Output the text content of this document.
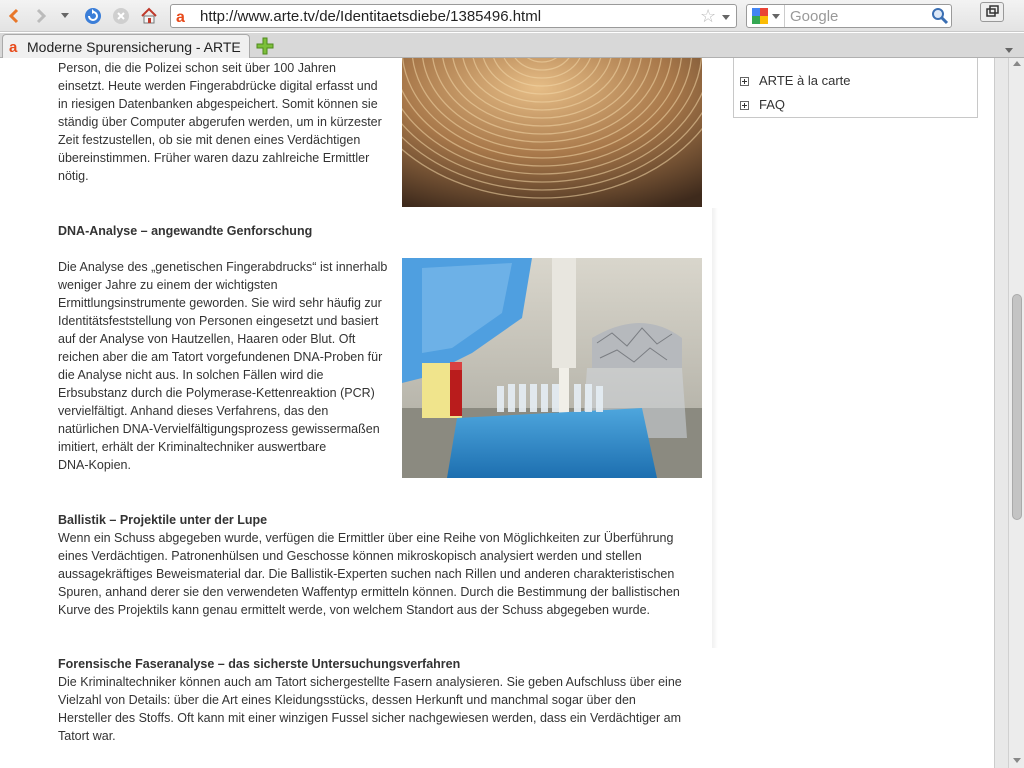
a http://www.arte.tv/de/Identitaetsdiebe/1385496.html	☆	Google
a Moderne Spurensicherung - ARTE
ARTE à la carte
FAQ
Person, die die Polizei schon seit über 100 Jahren
einsetzt. Heute werden Fingerabdrücke digital erfasst und
in riesigen Datenbanken abgespeichert. Somit können sie
ständig über Computer abgerufen werden, um in kürzester
Zeit festzustellen, ob sie mit denen eines Verdächtigen
übereinstimmen. Früher waren dazu zahlreiche Ermittler
nötig.
DNA-Analyse – angewandte Genforschung
Die Analyse des „genetischen Fingerabdrucks“ ist innerhalb
weniger Jahre zu einem der wichtigsten
Ermittlungsinstrumente geworden. Sie wird sehr häufig zur
Identitätsfeststellung von Personen eingesetzt und basiert
auf der Analyse von Hautzellen, Haaren oder Blut. Oft
reichen aber die am Tatort vorgefundenen DNA-Proben für
die Analyse nicht aus. In solchen Fällen wird die
Erbsubstanz durch die Polymerase-Kettenreaktion (PCR)
vervielfältigt. Anhand dieses Verfahrens, das den
natürlichen DNA-Vervielfältigungsprozess gewissermaßen
imitiert, erhält der Kriminaltechniker auswertbare
DNA-Kopien.
Ballistik – Projektile unter der Lupe
Wenn ein Schuss abgegeben wurde, verfügen die Ermittler über eine Reihe von Möglichkeiten zur Überführung
eines Verdächtigen. Patronenhülsen und Geschosse können mikroskopisch analysiert werden und stellen
aussagekräftiges Beweismaterial dar. Die Ballistik-Experten suchen nach Rillen und anderen charakteristischen
Spuren, anhand derer sie den verwendeten Waffentyp ermitteln können. Durch die Bestimmung der ballistischen
Kurve des Projektils kann genau ermittelt werde, von welchem Standort aus der Schuss abgegeben wurde.
Forensische Faseranalyse – das sicherste Untersuchungsverfahren
Die Kriminaltechniker können auch am Tatort sichergestellte Fasern analysieren. Sie geben Aufschluss über eine
Vielzahl von Details: über die Art eines Kleidungsstücks, dessen Herkunft und manchmal sogar über den
Hersteller des Stoffs. Oft kann mit einer winzigen Fussel sicher nachgewiesen werden, dass ein Verdächtiger am
Tatort war.
